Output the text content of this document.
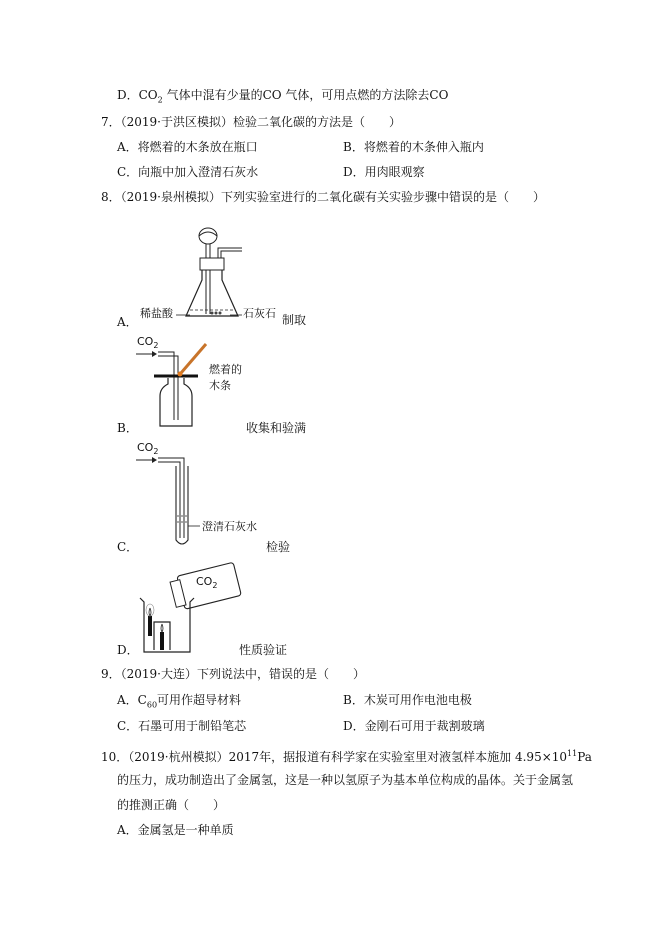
D．$CO_2$ 气体中混有少量的CO 气体，可用点燃的方法除去CO
7．（2019·于洪区模拟）检验二氧化碳的方法是（　　）
A．将燃着的木条放在瓶口	B．将燃着的木条伸入瓶内
C．向瓶中加入澄清石灰水	D．用肉眼观察
8．（2019·泉州模拟）下列实验室进行的二氧化碳有关实验步骤中错误的是（　　）
稀盐酸	石灰石
A．	制取
$CO_2$
燃着的
木条
B．	收集和验满
$CO_2$
澄清石灰水
C．	检验
$CO_2$
D．	性质验证
9．（2019·大连）下列说法中，错误的是（　　）
A．$C_{60}$可用作超导材料	B．木炭可用作电池电极
C．石墨可用于制铅笔芯	D．金刚石可用于裁割玻璃
10．（2019·杭州模拟）2017年，据报道有科学家在实验室里对液氢样本施加 $4.95\times 10^{11}Pa$
的压力，成功制造出了金属氢，这是一种以氢原子为基本单位构成的晶体。关于金属氢
的推测正确（　　）
A．金属氢是一种单质
